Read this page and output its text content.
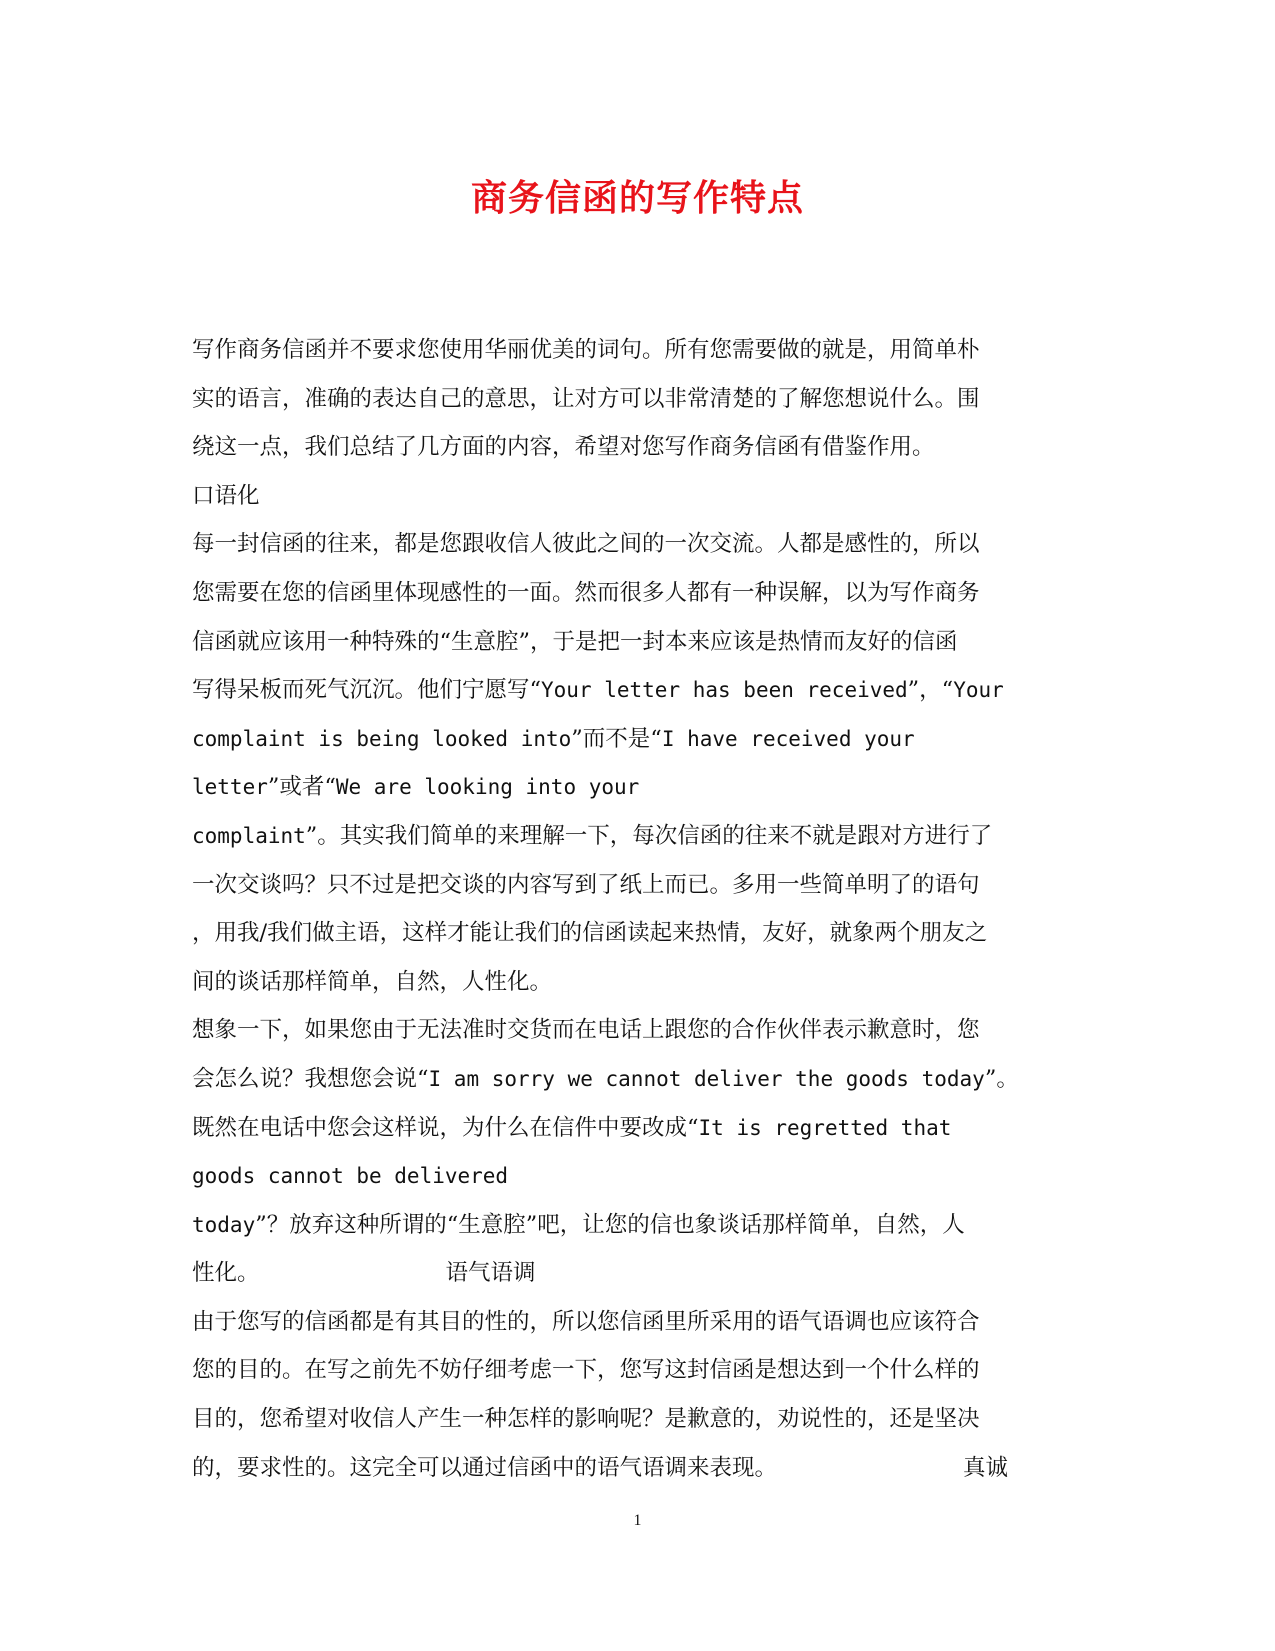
商务信函的写作特点
写作商务信函并不要求您使用华丽优美的词句。所有您需要做的就是，用简单朴
实的语言，准确的表达自己的意思，让对方可以非常清楚的了解您想说什么。围
绕这一点，我们总结了几方面的内容，希望对您写作商务信函有借鉴作用。
口语化
每一封信函的往来，都是您跟收信人彼此之间的一次交流。人都是感性的，所以
您需要在您的信函里体现感性的一面。然而很多人都有一种误解，以为写作商务
信函就应该用一种特殊的“生意腔”，于是把一封本来应该是热情而友好的信函
写得呆板而死气沉沉。他们宁愿写“Your letter has been received”，“Your
complaint is being looked into”而不是“I have received your
letter”或者“We are looking into your
complaint”。其实我们简单的来理解一下，每次信函的往来不就是跟对方进行了
一次交谈吗？只不过是把交谈的内容写到了纸上而已。多用一些简单明了的语句
，用我/我们做主语，这样才能让我们的信函读起来热情，友好，就象两个朋友之
间的谈话那样简单，自然，人性化。
想象一下，如果您由于无法准时交货而在电话上跟您的合作伙伴表示歉意时，您
会怎么说？我想您会说“I am sorry we cannot deliver the goods today”。
既然在电话中您会这样说，为什么在信件中要改成“It is regretted that
goods cannot be delivered
today”？放弃这种所谓的“生意腔”吧，让您的信也象谈话那样简单，自然，人
性化。	语气语调
由于您写的信函都是有其目的性的，所以您信函里所采用的语气语调也应该符合
您的目的。在写之前先不妨仔细考虑一下，您写这封信函是想达到一个什么样的
目的，您希望对收信人产生一种怎样的影响呢？是歉意的，劝说性的，还是坚决
的，要求性的。这完全可以通过信函中的语气语调来表现。	真诚
1
